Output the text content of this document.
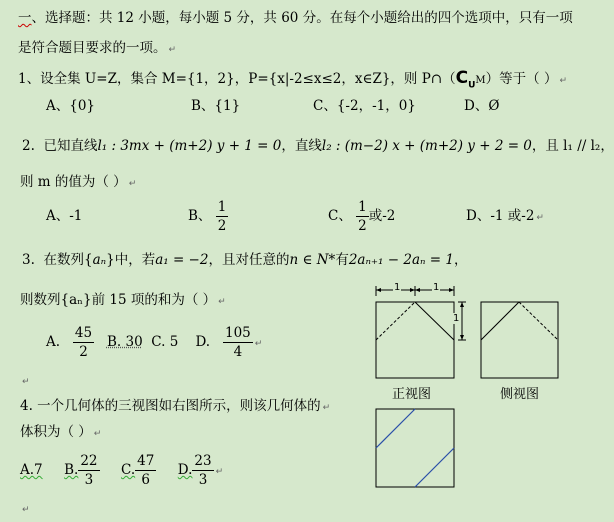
一、选择题：共 12 小题，每小题 5 分，共 60 分。在每个小题给出的四个选项中，只有一项
是符合题目要求的一项。 ↵
1、设全集 U=Z，集合 M={1，2}，P={x|-2≤x≤2，x∈Z}，则 $P\cap(C_UM)$等于（ ） ↵
A、{0}	B、{1}	C、{-2，-1，0}	D、Ø
2. 已知直线l₁ : 3mx + (m+2) y + 1 = 0，直线l₂ : (m−2) x + (m+2) y + 2 = 0，且 l₁ // l₂，
则 m 的值为（ ） ↵
A、-1	B、 $\frac{1}{2}$	C、 $\frac{1}{2}$ 或-2	D、-1 或-2 ↵
3. 在数列{aₙ}中，若a₁ = −2，且对任意的n ∈ N*有2aₙ₊₁ − 2aₙ = 1，
则数列{aₙ}前 15 项的和为（ ） ↵
A. $\frac{45}{2} B$. 30 C. 5 D. $\frac{105}{4}$ ↵
↵
4. 一个几何体的三视图如右图所示，则该几何体的 ↵
体积为（ ） ↵
A.7 B. $\frac{22}{3} C$. $\frac{47}{6} D$. $\frac{23}{3}$ ↵
↵
1	1
1
正视图	侧视图
